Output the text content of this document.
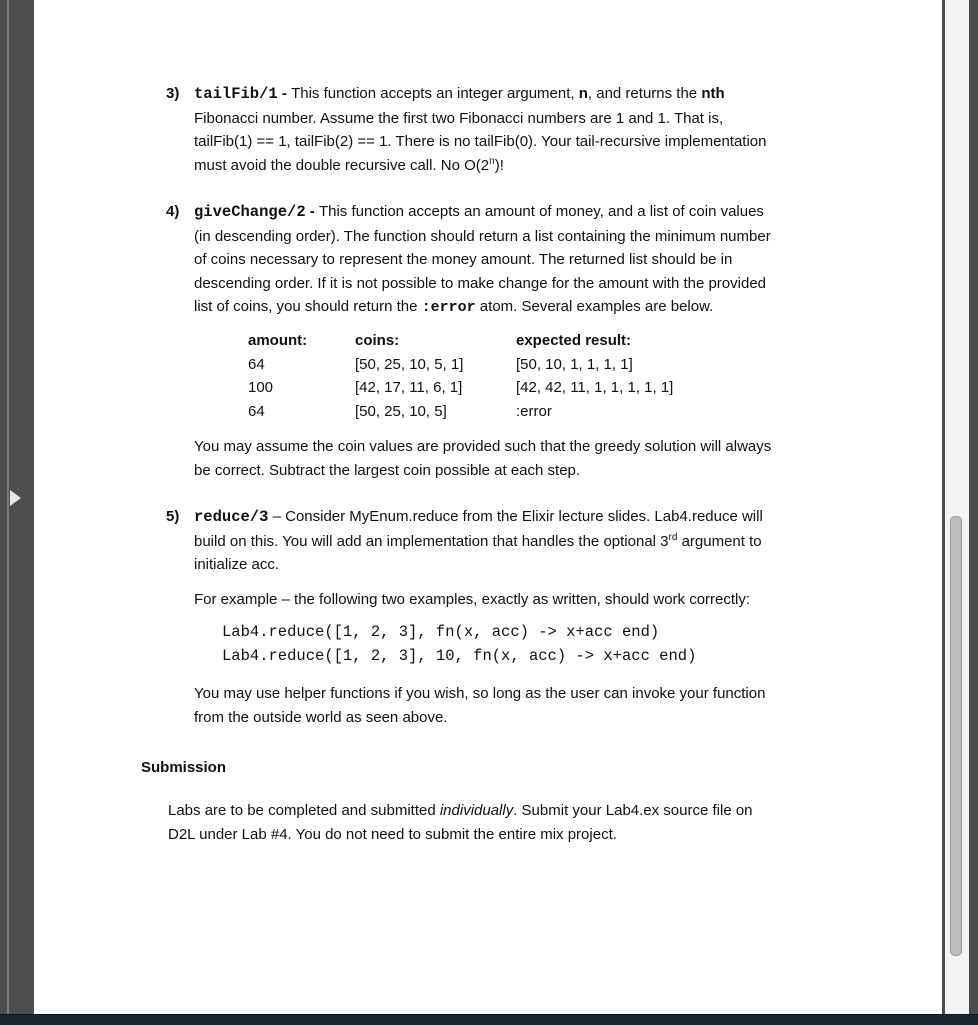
3) tailFib/1 - This function accepts an integer argument, n, and returns the nth
Fibonacci number. Assume the first two Fibonacci numbers are 1 and 1. That is,
tailFib(1) == 1, tailFib(2) == 1. There is no tailFib(0). Your tail-recursive implementation
must avoid the double recursive call. No O(2$^n$)!
4) giveChange/2 - This function accepts an amount of money, and a list of coin values
(in descending order). The function should return a list containing the minimum number
of coins necessary to represent the money amount. The returned list should be in
descending order. If it is not possible to make change for the amount with the provided
list of coins, you should return the :error atom. Several examples are below.
amount:	coins:	expected result:
64	[50, 25, 10, 5, 1]	[50, 10, 1, 1, 1, 1]
100	[42, 17, 11, 6, 1]	[42, 42, 11, 1, 1, 1, 1, 1]
64	[50, 25, 10, 5]	:error
You may assume the coin values are provided such that the greedy solution will always
be correct. Subtract the largest coin possible at each step.
5) reduce/3 – Consider MyEnum.reduce from the Elixir lecture slides. Lab4.reduce will
build on this. You will add an implementation that handles the optional 3rd argument to
initialize acc.
For example – the following two examples, exactly as written, should work correctly:
Lab4.reduce([1, 2, 3], fn(x, acc) -> x+acc end)
Lab4.reduce([1, 2, 3], 10, fn(x, acc) -> x+acc end)
You may use helper functions if you wish, so long as the user can invoke your function
from the outside world as seen above.
Submission
Labs are to be completed and submitted individually. Submit your Lab4.ex source file on
D2L under Lab #4. You do not need to submit the entire mix project.
